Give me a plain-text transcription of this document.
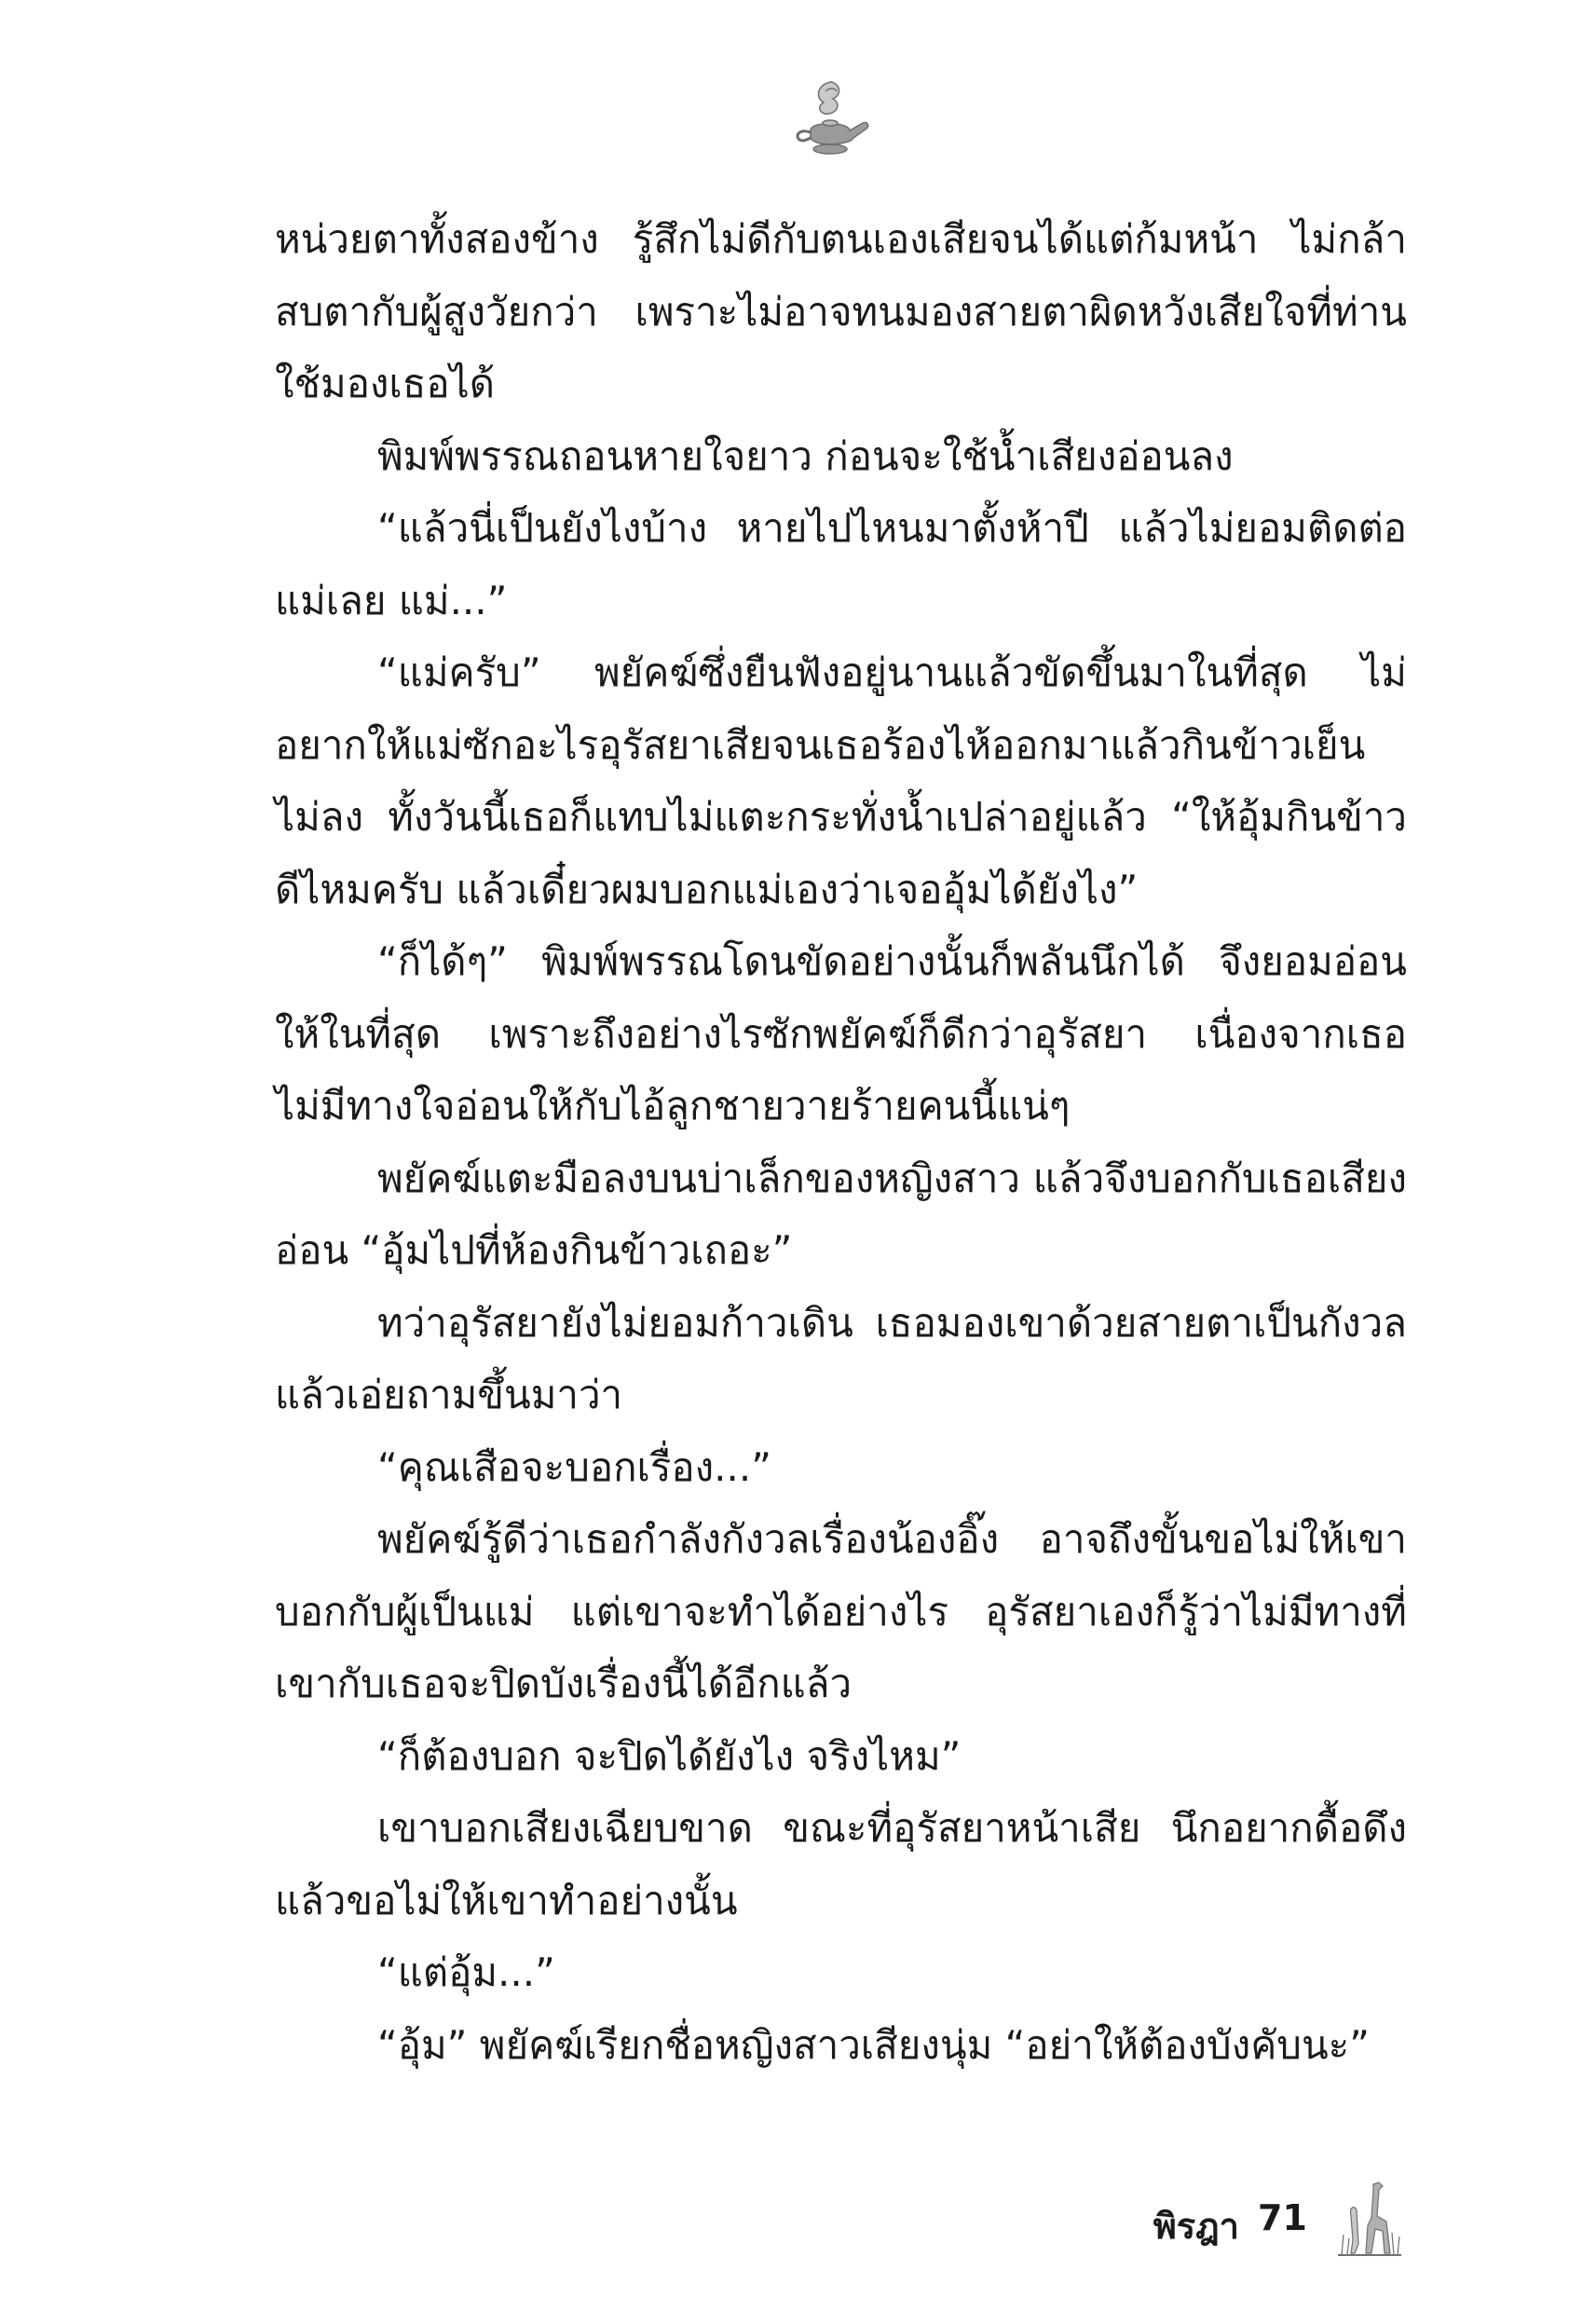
หน่วยตาทั้งสองข้าง รู้สึกไม่ดีกับตนเองเสียจนได้แต่ก้มหน้า ไม่กล้าสบตากับผู้สูงวัยกว่า เพราะไม่อาจทนมองสายตาผิดหวังเสียใจที่ท่านใช้มองเธอได้

พิมพ์พรรณถอนหายใจยาว ก่อนจะใช้น้ำเสียงอ่อนลง

“แล้วนี่เป็นยังไงบ้าง หายไปไหนมาตั้งห้าปี แล้วไม่ยอมติดต่อแม่เลย แม่...”

“แม่ครับ” พยัคฆ์ซึ่งยืนฟังอยู่นานแล้วขัดขึ้นมาในที่สุด ไม่อยากให้แม่ซักอะไรอุรัสยาเสียจนเธอร้องไห้ออกมาแล้วกินข้าวเย็นไม่ลง ทั้งวันนี้เธอก็แทบไม่แตะกระทั่งน้ำเปล่าอยู่แล้ว “ให้อุ้มกินข้าวดีไหมครับ แล้วเดี๋ยวผมบอกแม่เองว่าเจออุ้มได้ยังไง”

“ก็ได้ๆ” พิมพ์พรรณโดนขัดอย่างนั้นก็พลันนึกได้ จึงยอมอ่อนให้ในที่สุด เพราะถึงอย่างไรซักพยัคฆ์ก็ดีกว่าอุรัสยา เนื่องจากเธอไม่มีทางใจอ่อนให้กับไอ้ลูกชายวายร้ายคนนี้แน่ๆ

พยัคฆ์แตะมือลงบนบ่าเล็กของหญิงสาว แล้วจึงบอกกับเธอเสียงอ่อน “อุ้มไปที่ห้องกินข้าวเถอะ”

ทว่าอุรัสยายังไม่ยอมก้าวเดิน เธอมองเขาด้วยสายตาเป็นกังวลแล้วเอ่ยถามขึ้นมาว่า

“คุณเสือจะบอกเรื่อง...”

พยัคฆ์รู้ดีว่าเธอกำลังกังวลเรื่องน้องอิ๊ง อาจถึงขั้นขอไม่ให้เขาบอกกับผู้เป็นแม่ แต่เขาจะทำได้อย่างไร อุรัสยาเองก็รู้ว่าไม่มีทางที่เขากับเธอจะปิดบังเรื่องนี้ได้อีกแล้ว

“ก็ต้องบอก จะปิดได้ยังไง จริงไหม”

เขาบอกเสียงเฉียบขาด ขณะที่อุรัสยาหน้าเสีย นึกอยากดื้อดึงแล้วขอไม่ให้เขาทำอย่างนั้น

“แต่อุ้ม...”

“อุ้ม” พยัคฆ์เรียกชื่อหญิงสาวเสียงนุ่ม “อย่าให้ต้องบังคับนะ”

พิรฎา 71
